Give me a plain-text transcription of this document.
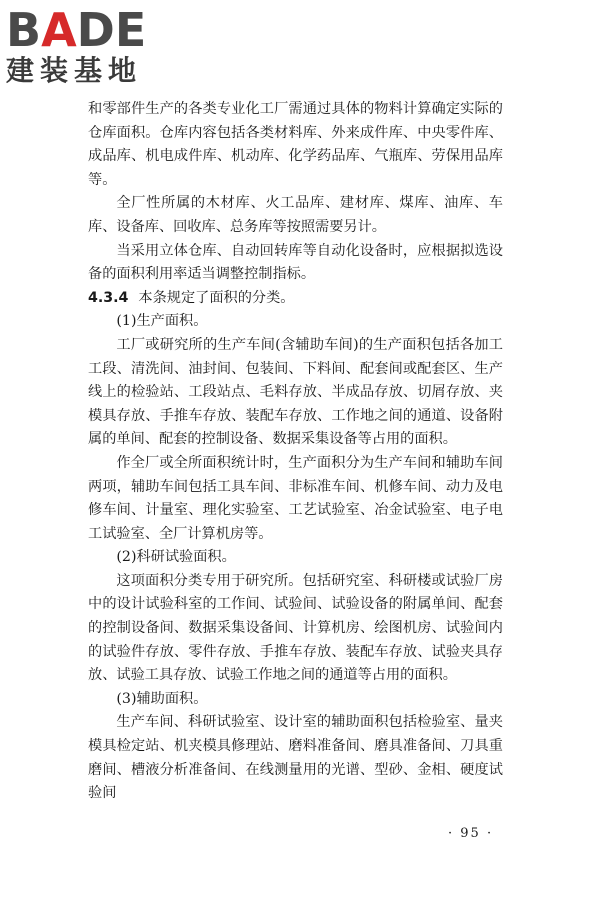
BADE
建装基地

和零部件生产的各类专业化工厂需通过具体的物料计算确定实际的仓库面积。仓库内容包括各类材料库、外来成件库、中央零件库、成品库、机电成件库、机动库、化学药品库、气瓶库、劳保用品库等。

全厂性所属的木材库、火工品库、建材库、煤库、油库、车库、设备库、回收库、总务库等按照需要另计。

当采用立体仓库、自动回转库等自动化设备时，应根据拟选设备的面积利用率适当调整控制指标。

4.3.4 本条规定了面积的分类。

(1)生产面积。

工厂或研究所的生产车间(含辅助车间)的生产面积包括各加工工段、清洗间、油封间、包装间、下料间、配套间或配套区、生产线上的检验站、工段站点、毛料存放、半成品存放、切屑存放、夹模具存放、手推车存放、装配车存放、工作地之间的通道、设备附属的单间、配套的控制设备、数据采集设备等占用的面积。

作全厂或全所面积统计时，生产面积分为生产车间和辅助车间两项，辅助车间包括工具车间、非标准车间、机修车间、动力及电修车间、计量室、理化实验室、工艺试验室、冶金试验室、电子电工试验室、全厂计算机房等。

(2)科研试验面积。

这项面积分类专用于研究所。包括研究室、科研楼或试验厂房中的设计试验科室的工作间、试验间、试验设备的附属单间、配套的控制设备间、数据采集设备间、计算机房、绘图机房、试验间内的试验件存放、零件存放、手推车存放、装配车存放、试验夹具存放、试验工具存放、试验工作地之间的通道等占用的面积。

(3)辅助面积。

生产车间、科研试验室、设计室的辅助面积包括检验室、量夹模具检定站、机夹模具修理站、磨料准备间、磨具准备间、刀具重磨间、槽液分析准备间、在线测量用的光谱、型砂、金相、硬度试验间

· 95 ·
